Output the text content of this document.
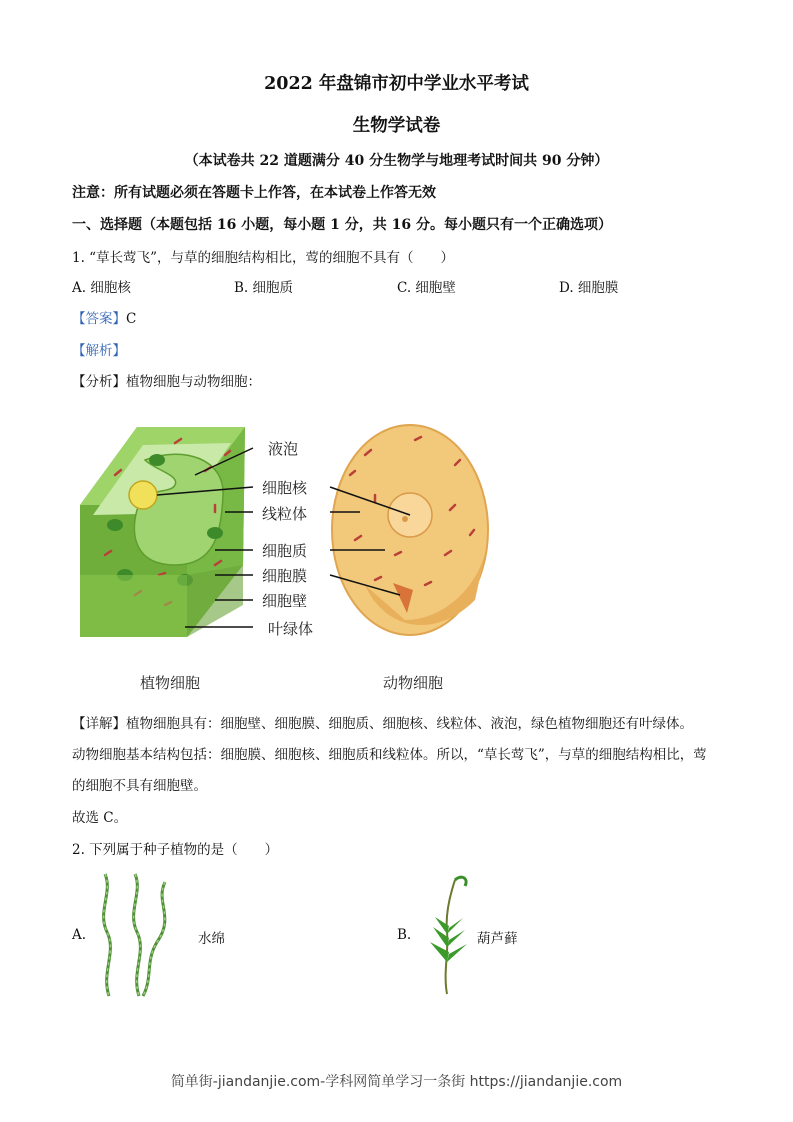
2022 年盘锦市初中学业水平考试
生物学试卷
（本试卷共 22 道题满分 40 分生物学与地理考试时间共 90 分钟）
注意：所有试题必须在答题卡上作答，在本试卷上作答无效
一、选择题（本题包括 16 小题，每小题 1 分，共 16 分。每小题只有一个正确选项）
1. “草长莺飞”，与草的细胞结构相比，莺的细胞不具有（　　）
A. 细胞核	B. 细胞质	C. 细胞壁	D. 细胞膜
【答案】C
【解析】
【分析】植物细胞与动物细胞：
液泡
细胞核
线粒体
细胞质
细胞膜
细胞壁
叶绿体
植物细胞	动物细胞
【详解】植物细胞具有：细胞壁、细胞膜、细胞质、细胞核、线粒体、液泡，绿色植物细胞还有叶绿体。
动物细胞基本结构包括：细胞膜、细胞核、细胞质和线粒体。所以，“草长莺飞”，与草的细胞结构相比，莺
的细胞不具有细胞壁。
故选 C。
2. 下列属于种子植物的是（　　）
A.	水绵	B.	葫芦藓
简单街-jiandanjie.com-学科网简单学习一条街 https://jiandanjie.com
